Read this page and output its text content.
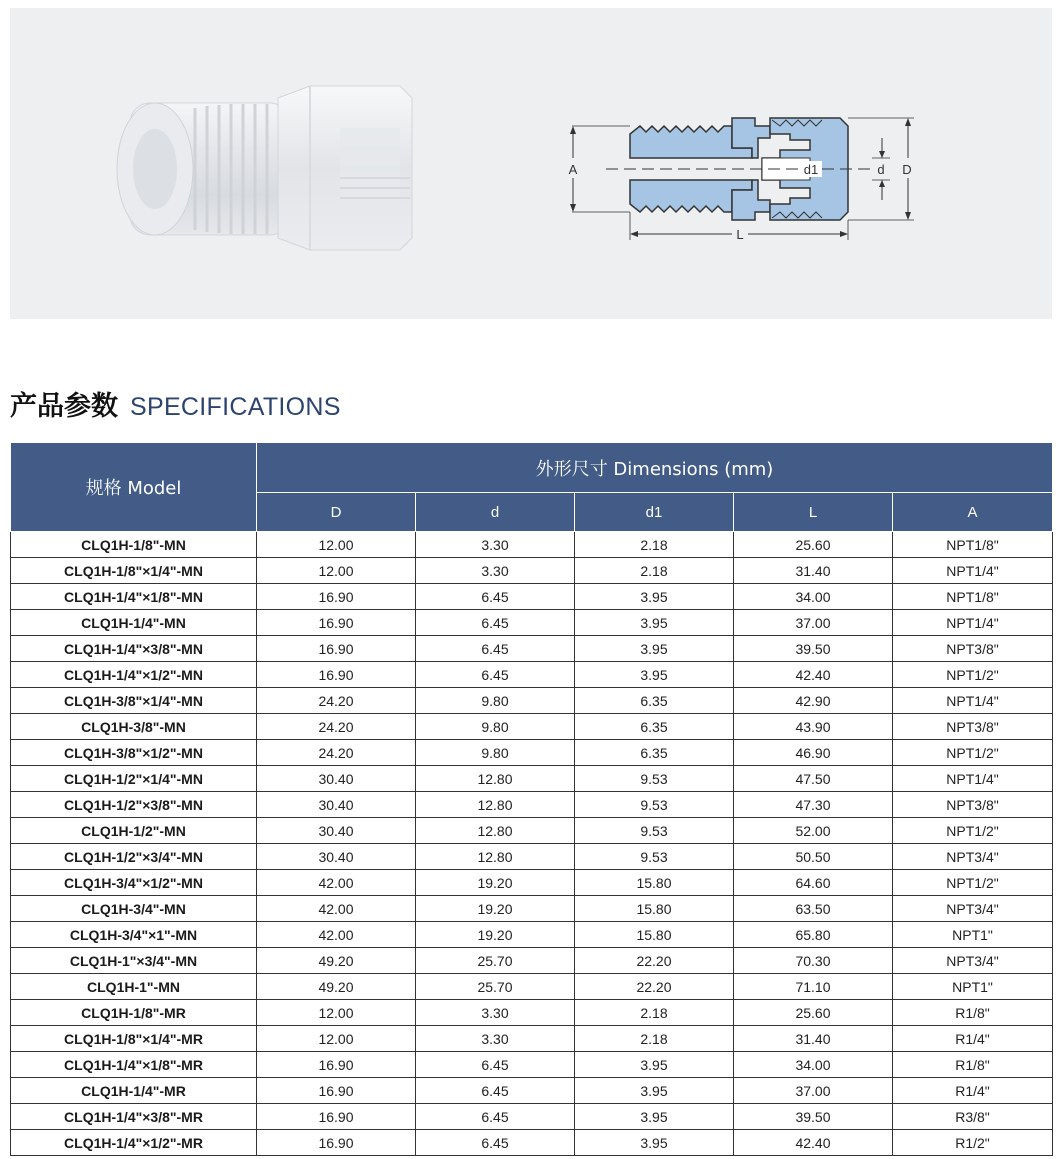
A	D
d
d1
L
产品参数 SPECIFICATIONS
规格 Model	外形尺寸 Dimensions (mm)				
	D	d	d1	L	A
CLQ1H-1/8"-MN	12.00	3.30	2.18	25.60	NPT1/8"
CLQ1H-1/8"×1/4"-MN	12.00	3.30	2.18	31.40	NPT1/4"
CLQ1H-1/4"×1/8"-MN	16.90	6.45	3.95	34.00	NPT1/8"
CLQ1H-1/4"-MN	16.90	6.45	3.95	37.00	NPT1/4"
CLQ1H-1/4"×3/8"-MN	16.90	6.45	3.95	39.50	NPT3/8"
CLQ1H-1/4"×1/2"-MN	16.90	6.45	3.95	42.40	NPT1/2"
CLQ1H-3/8"×1/4"-MN	24.20	9.80	6.35	42.90	NPT1/4"
CLQ1H-3/8"-MN	24.20	9.80	6.35	43.90	NPT3/8"
CLQ1H-3/8"×1/2"-MN	24.20	9.80	6.35	46.90	NPT1/2"
CLQ1H-1/2"×1/4"-MN	30.40	12.80	9.53	47.50	NPT1/4"
CLQ1H-1/2"×3/8"-MN	30.40	12.80	9.53	47.30	NPT3/8"
CLQ1H-1/2"-MN	30.40	12.80	9.53	52.00	NPT1/2"
CLQ1H-1/2"×3/4"-MN	30.40	12.80	9.53	50.50	NPT3/4"
CLQ1H-3/4"×1/2"-MN	42.00	19.20	15.80	64.60	NPT1/2"
CLQ1H-3/4"-MN	42.00	19.20	15.80	63.50	NPT3/4"
CLQ1H-3/4"×1"-MN	42.00	19.20	15.80	65.80	NPT1"
CLQ1H-1"×3/4"-MN	49.20	25.70	22.20	70.30	NPT3/4"
CLQ1H-1"-MN	49.20	25.70	22.20	71.10	NPT1"
CLQ1H-1/8"-MR	12.00	3.30	2.18	25.60	R1/8"
CLQ1H-1/8"×1/4"-MR	12.00	3.30	2.18	31.40	R1/4"
CLQ1H-1/4"×1/8"-MR	16.90	6.45	3.95	34.00	R1/8"
CLQ1H-1/4"-MR	16.90	6.45	3.95	37.00	R1/4"
CLQ1H-1/4"×3/8"-MR	16.90	6.45	3.95	39.50	R3/8"
CLQ1H-1/4"×1/2"-MR	16.90	6.45	3.95	42.40	R1/2"
